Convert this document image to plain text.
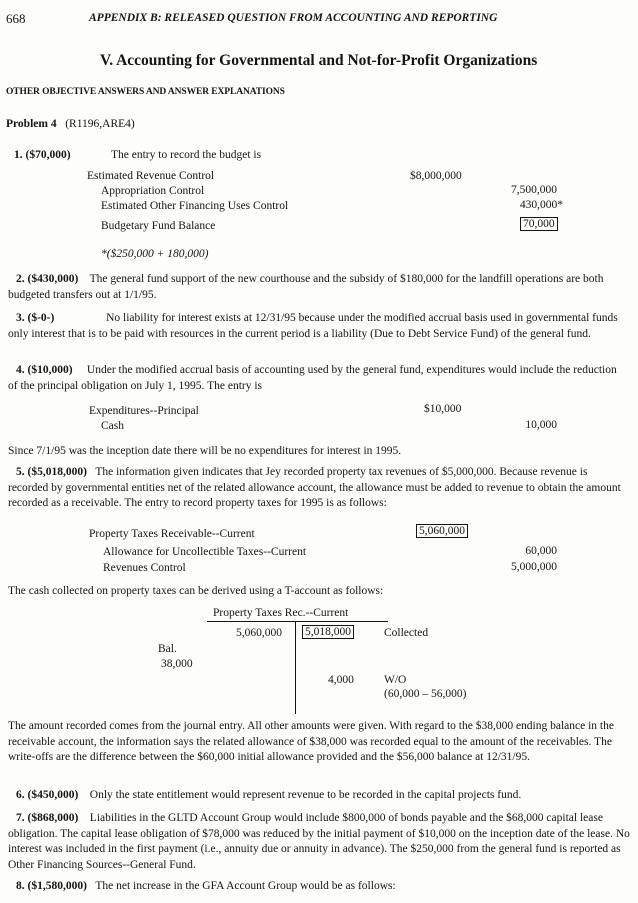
668	APPENDIX B: RELEASED QUESTION FROM ACCOUNTING AND REPORTING
V. Accounting for Governmental and Not-for-Profit Organizations
OTHER OBJECTIVE ANSWERS AND ANSWER EXPLANATIONS
Problem 4 (R1196,ARE4)
1. ($70,000)	The entry to record the budget is
Estimated Revenue Control	$8,000,000
Appropriation Control	7,500,000
Estimated Other Financing Uses Control	430,000*
Budgetary Fund Balance	70,000
*($250,000 + 180,000)
2. ($430,000) The general fund support of the new courthouse and the subsidy of $180,000 for the landfill operations are both budgeted transfers out at 1/1/95.
3. ($-0-)	No liability for interest exists at 12/31/95 because under the modified accrual basis used in governmental funds only interest that is to be paid with resources in the current period is a liability (Due to Debt Service Fund) of the general fund.
4. ($10,000) Under the modified accrual basis of accounting used by the general fund, expenditures would include the reduction of the principal obligation on July 1, 1995. The entry is
Expenditures--Principal	$10,000
Cash	10,000
Since 7/1/95 was the inception date there will be no expenditures for interest in 1995.
5. ($5,018,000) The information given indicates that Jey recorded property tax revenues of $5,000,000. Because revenue is recorded by governmental entities net of the related allowance account, the allowance must be added to revenue to obtain the amount recorded as a receivable. The entry to record property taxes for 1995 is as follows:
Property Taxes Receivable--Current	5,060,000
Allowance for Uncollectible Taxes--Current	60,000
Revenues Control	5,000,000
The cash collected on property taxes can be derived using a T-account as follows:
Property Taxes Rec.--Current
5,060,000 5,018,000	Collected
Bal.
38,000
4,000	W/O
(60,000 – 56,000)
The amount recorded comes from the journal entry. All other amounts were given. With regard to the $38,000 ending balance in the receivable account, the information says the related allowance of $38,000 was recorded equal to the amount of the receivables. The write-offs are the difference between the $60,000 initial allowance provided and the $56,000 balance at 12/31/95.
6. ($450,000) Only the state entitlement would represent revenue to be recorded in the capital projects fund.
7. ($868,000) Liabilities in the GLTD Account Group would include $800,000 of bonds payable and the $68,000 capital lease obligation. The capital lease obligation of $78,000 was reduced by the initial payment of $10,000 on the inception date of the lease. No interest was included in the first payment (i.e., annuity due or annuity in advance). The $250,000 from the general fund is reported as Other Financing Sources--General Fund.
8. ($1,580,000) The net increase in the GFA Account Group would be as follows:
